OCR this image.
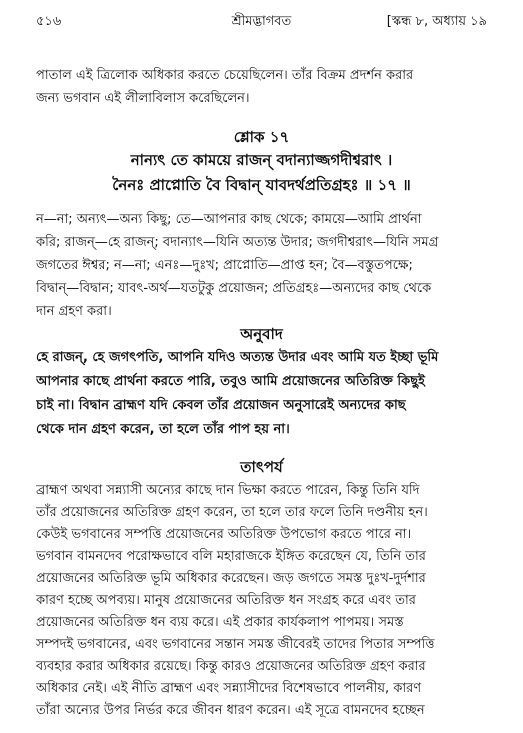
৫১৬	শ্রীমদ্ভাগবত	[স্কন্ধ ৮, অধ্যায় ১৯
পাতাল এই ত্রিলোক অধিকার করতে চেয়েছিলেন। তাঁর বিক্রম প্রদর্শন করার
জন্য ভগবান এই লীলাবিলাস করেছিলেন।
শ্লোক ১৭
নান্যৎ তে কাময়ে রাজন্ বদান্যাজ্জগদীশ্বরাৎ ।
নৈনঃ প্রাপ্নোতি বৈ বিদ্বান্ যাবদর্থপ্রতিগ্রহঃ ॥ ১৭ ॥
ন—না; অন্যৎ—অন্য কিছু; তে—আপনার কাছ থেকে; কাময়ে—আমি প্রার্থনা
করি; রাজন্—হে রাজন্; বদান্যাৎ—যিনি অত্যন্ত উদার; জগদীশ্বরাৎ—যিনি সমগ্র
জগতের ঈশ্বর; ন—না; এনঃ—দুঃখ; প্রাপ্নোতি—প্রাপ্ত হন; বৈ—বস্তুতপক্ষে;
বিদ্বান্—বিদ্বান; যাবৎ-অর্থ—যতটুকু প্রয়োজন; প্রতিগ্রহঃ—অন্যদের কাছ থেকে
দান গ্রহণ করা।
অনুবাদ
হে রাজন্, হে জগৎপতি, আপনি যদিও অত্যন্ত উদার এবং আমি যত ইচ্ছা ভূমি
আপনার কাছে প্রার্থনা করতে পারি, তবুও আমি প্রয়োজনের অতিরিক্ত কিছুই
চাই না। বিদ্বান ব্রাহ্মণ যদি কেবল তাঁর প্রয়োজন অনুসারেই অন্যদের কাছ
থেকে দান গ্রহণ করেন, তা হলে তাঁর পাপ হয় না।
তাৎপর্য
ব্রাহ্মণ অথবা সন্ন্যাসী অন্যের কাছে দান ভিক্ষা করতে পারেন, কিন্তু তিনি যদি
তাঁর প্রয়োজনের অতিরিক্ত গ্রহণ করেন, তা হলে তার ফলে তিনি দণ্ডনীয় হন।
কেউই ভগবানের সম্পত্তি প্রয়োজনের অতিরিক্ত উপভোগ করতে পারে না।
ভগবান বামনদেব পরোক্ষভাবে বলি মহারাজকে ইঙ্গিত করেছেন যে, তিনি তার
প্রয়োজনের অতিরিক্ত ভূমি অধিকার করেছেন। জড় জগতে সমস্ত দুঃখ-দুর্দশার
কারণ হচ্ছে অপব্যয়। মানুষ প্রয়োজনের অতিরিক্ত ধন সংগ্রহ করে এবং তার
প্রয়োজনের অতিরিক্ত ধন ব্যয় করে। এই প্রকার কার্যকলাপ পাপময়। সমস্ত
সম্পদই ভগবানের, এবং ভগবানের সন্তান সমস্ত জীবেরই তাদের পিতার সম্পত্তি
ব্যবহার করার অধিকার রয়েছে। কিন্তু কারও প্রয়োজনের অতিরিক্ত গ্রহণ করার
অধিকার নেই। এই নীতি ব্রাহ্মণ এবং সন্ন্যাসীদের বিশেষভাবে পালনীয়, কারণ
তাঁরা অন্যের উপর নির্ভর করে জীবন ধারণ করেন। এই সূত্রে বামনদেব হচ্ছেন
